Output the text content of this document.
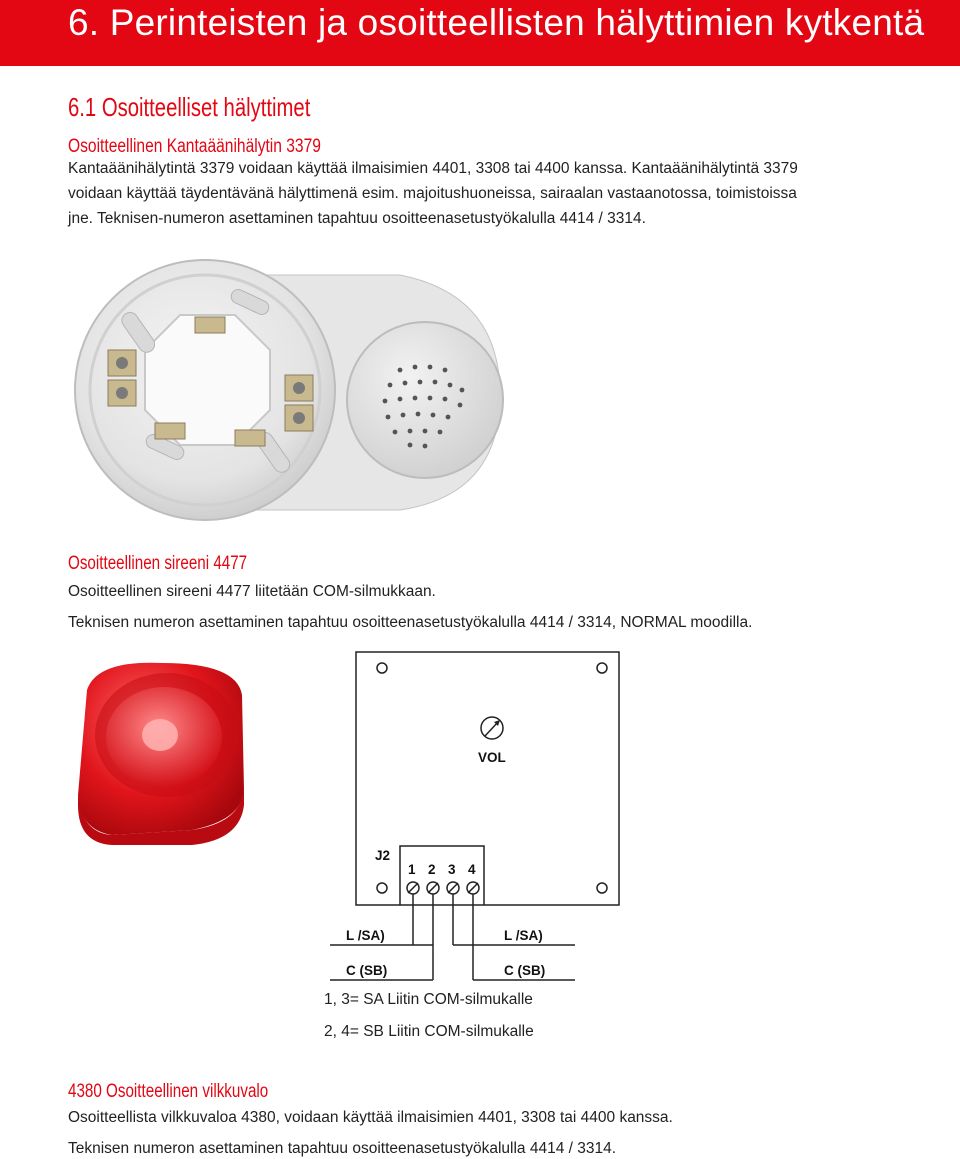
6. Perinteisten ja osoitteellisten hälyttimien kytkentä
6.1 Osoitteelliset hälyttimet
Osoitteellinen Kantaäänihälytin 3379
Kantaäänihälytintä 3379 voidaan käyttää ilmaisimien 4401, 3308 tai 4400 kanssa. Kantaäänihälytintä 3379
voidaan käyttää täydentävänä hälyttimenä esim. majoitushuoneissa, sairaalan vastaanotossa, toimistoissa
jne. Teknisen-numeron asettaminen tapahtuu osoitteenasetustyökalulla 4414 / 3314.
Osoitteellinen sireeni 4477
Osoitteellinen sireeni 4477 liitetään COM-silmukkaan.
Teknisen numeron asettaminen tapahtuu osoitteenasetustyökalulla 4414 / 3314, NORMAL moodilla.
VOL
J2
1 2 3 4
L /SA)
C (SB)
L /SA)
C (SB)
1, 3= SA Liitin COM-silmukalle
2, 4= SB Liitin COM-silmukalle
4380 Osoitteellinen vilkkuvalo
Osoitteellista vilkkuvaloa 4380, voidaan käyttää ilmaisimien 4401, 3308 tai 4400 kanssa.
Teknisen numeron asettaminen tapahtuu osoitteenasetustyökalulla 4414 / 3314.
